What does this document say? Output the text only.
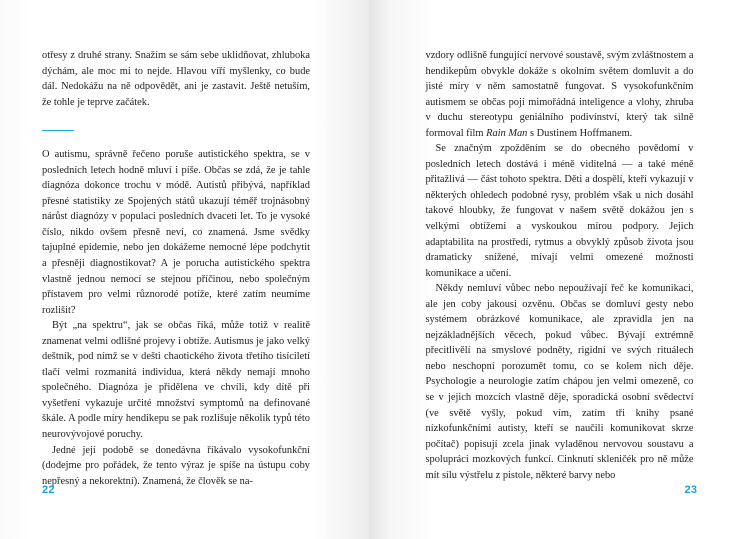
otřesy z druhé strany. Snažím se sám sebe uklidňovat, zhluboka dýchám, ale moc mi to nejde. Hlavou víří myšlenky, co bude dál. Nedokážu na ně odpovědět, ani je zastavit. Ještě netuším, že tohle je teprve začátek.

O autismu, správně řečeno poruše autistického spektra, se v posledních letech hodně mluví i píše. Občas se zdá, že je tahle diagnóza dokonce trochu v módě. Autistů přibývá, například přesné statistiky ze Spojených států ukazují téměř trojnásobný nárůst diagnózy v populaci posledních dvaceti let. To je vysoké číslo, nikdo ovšem přesně neví, co znamená. Jsme svědky tajuplné epidemie, nebo jen dokážeme nemocné lépe podchytit a přesněji diagnostikovat? A je porucha autistického spektra vlastně jednou nemocí se stejnou příčinou, nebo společným přístavem pro velmi různorodé potíže, které zatím neumíme rozlišit?

Být „na spektru“, jak se občas říká, může totiž v realitě znamenat velmi odlišné projevy i obtíže. Autismus je jako velký deštník, pod nímž se v dešti chaotického života třetího tisíciletí tlačí velmi rozmanitá individua, která někdy nemají mnoho společného. Diagnóza je přidělena ve chvíli, kdy dítě při vyšetření vykazuje určité množství symptomů na definované škále. A podle míry hendikepu se pak rozlišuje několik typů této neurovývojové poruchy.

Jedné její podobě se donedávna říkávalo vysokofunkční (dodejme pro pořádek, že tento výraz je spíše na ústupu coby nepřesný a nekorektní). Znamená, že člověk se na-

22

vzdory odlišně fungující nervové soustavě, svým zvláštnostem a hendikepům obvykle dokáže s okolním světem domluvit a do jisté míry v něm samostatně fungovat. S vysokofunkčním autismem se občas pojí mimořádná inteligence a vlohy, zhruba v duchu stereotypu geniálního podivínství, který tak silně formoval film Rain Man s Dustinem Hoffmanem.

Se značným zpožděním se do obecného povědomí v posledních letech dostává i méně viditelná — a také méně přitažlivá — část tohoto spektra. Děti a dospělí, kteří vykazují v některých ohledech podobné rysy, problém však u nich dosáhl takové hloubky, že fungovat v našem světě dokážou jen s velkými obtížemi a vyskoukou mírou podpory. Jejich adaptabilita na prostředí, rytmus a obvyklý způsob života jsou dramaticky snížené, mívají velmi omezené možnosti komunikace a učení.

Někdy nemluví vůbec nebo nepoužívají řeč ke komunikaci, ale jen coby jakousi ozvěnu. Občas se domluví gesty nebo systémem obrázkové komunikace, ale zpravidla jen na nejzákladnějších věcech, pokud vůbec. Bývají extrémně přecitlivělí na smyslové podněty, rigidní ve svých rituálech nebo neschopní porozumět tomu, co se kolem nich děje. Psychologie a neurologie zatím chápou jen velmi omezeně, co se v jejich mozcích vlastně děje, sporadická osobní svědectví (ve světě vyšly, pokud vím, zatím tři knihy psané nízkofunkčními autisty, kteří se naučili komunikovat skrze počítač) popisují zcela jinak vyladěnou nervovou soustavu a spolupráci mozkových funkcí. Cinknutí skleničék pro ně může mít sílu výstřelu z pistole, některé barvy nebo

23
